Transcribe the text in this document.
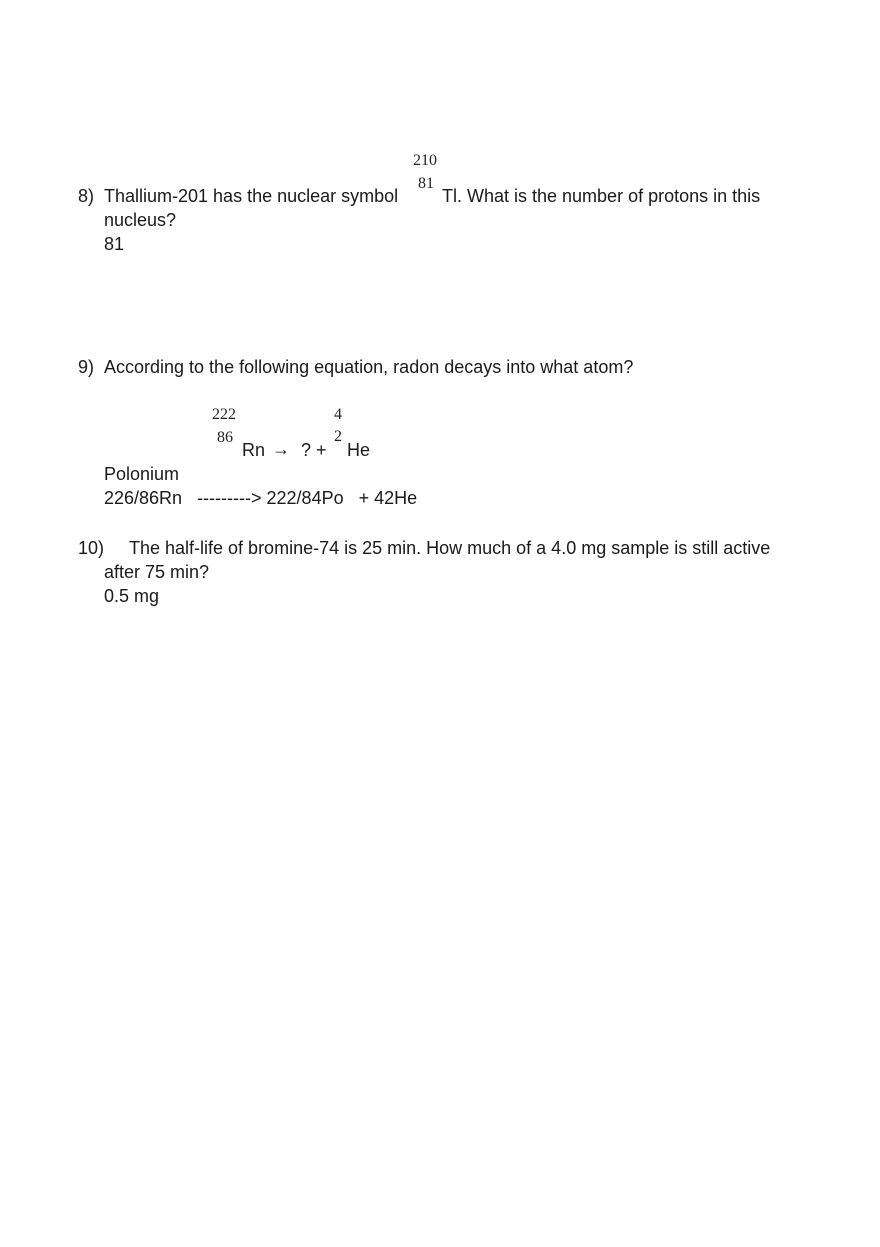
210
81
8) Thallium-201 has the nuclear symbol Tl. What is the number of protons in this
nucleus?
81
9) According to the following equation, radon decays into what atom?
222
86
Rn → ? +
4
2
He
Polonium
226/86Rn   ---------> 222/84Po   + 42He
10) The half-life of bromine-74 is 25 min. How much of a 4.0 mg sample is still active
after 75 min?
0.5 mg
